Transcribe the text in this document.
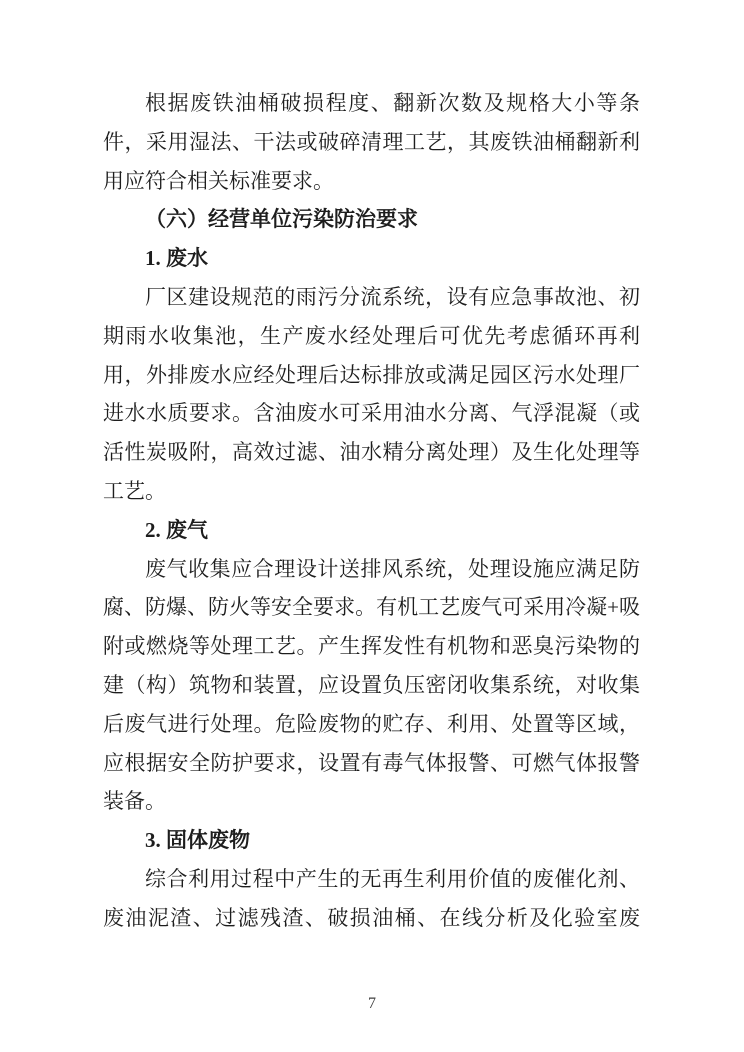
根据废铁油桶破损程度、翻新次数及规格大小等条
件，采用湿法、干法或破碎清理工艺，其废铁油桶翻新利
用应符合相关标准要求。
（六）经营单位污染防治要求
1. 废水
厂区建设规范的雨污分流系统，设有应急事故池、初
期雨水收集池，生产废水经处理后可优先考虑循环再利
用，外排废水应经处理后达标排放或满足园区污水处理厂
进水水质要求。含油废水可采用油水分离、气浮混凝（或
活性炭吸附，高效过滤、油水精分离处理）及生化处理等
工艺。
2. 废气
废气收集应合理设计送排风系统，处理设施应满足防
腐、防爆、防火等安全要求。有机工艺废气可采用冷凝+吸
附或燃烧等处理工艺。产生挥发性有机物和恶臭污染物的
建（构）筑物和装置，应设置负压密闭收集系统，对收集
后废气进行处理。危险废物的贮存、利用、处置等区域，
应根据安全防护要求，设置有毒气体报警、可燃气体报警
装备。
3. 固体废物
综合利用过程中产生的无再生利用价值的废催化剂、
废油泥渣、过滤残渣、破损油桶、在线分析及化验室废
7
